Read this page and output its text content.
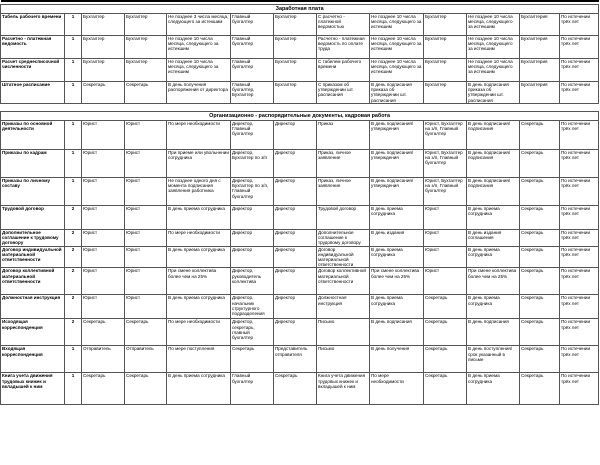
Заработная плата												
Табель рабочего времени	1	Бухгалтер	Бухгалтер	Не позднее 3 числа месяца, следующего за истекшим	Главный бухгалтер	Бухгалтер	С расчетно - платежной ведомостью	Не позднее 10 числа месяца, следующего за истекшим	Бухгалтер	Не позднее 10 числа месяца, следующего за истекшим	Бухгалтерия	По истечении трёх лет
Расчетно - платежная ведомость	1	Бухгалтер	Бухгалтер	Не позднее 10 числа месяца, следующего за истекшим	Главный бухгалтер	Бухгалтер	Расчетно - платежная ведомость по оплате труда	Не позднее 10 числа месяца, следующего за истекшим	Бухгалтер	Не позднее 10 числа месяца, следующего за истекшим	Бухгалтерия	По истечении трёх лет
Расчет среднесписочной численности	1	Бухгалтер	Бухгалтер	Не позднее 10 числа месяца, следующего за истекшим	Главный бухгалтер	Бухгалтер	С табелем рабочего времени	Не позднее 10 числа месяца, следующего за истекшим	Бухгалтер	Не позднее 10 числа месяца, следующего за истекшим	Бухгалтерия	По истечении трёх лет
Штатное расписание	1	Секретарь	Секретарь	В день получения распоряжения от директора	Главный бухгалтер, Бухгалтер	Бухгалтер	С приказом об утверждении шт. расписания	В день подписания приказа об утверждении шт. расписания	Бухгалтер	В день подписания приказа об утверждении шт. расписания	Бухгалтерия	По истечении трёх лет

Организационно - распорядительные документы, кадровая работа												
Приказы по основной деятельности	1	Юрист	Юрист	По мере необходимости	Директор, Главный бухгалтер	Директор	Приказ	В день подписания/утверждения	Юрист, Бухгалтер на з/п, Главный бухгалтер	В день подписания/подписания	Секретарь	По истечении трёх лет
Приказы по кадрам	1	Юрист	Юрист	При приеме или увольнении сотрудника	Директор, Бухгалтер по з/п	Директор	Приказ, личное заявление	В день подписания/утверждения	Юрист, Бухгалтер на з/п, Главный бухгалтер	В день подписания/подписания	Секретарь	По истечении трёх лет
Приказы по личному составу	1	Юрист	Юрист	Не позднее одного дня с момента подписания заявления работника	Директор, Бухгалтер по з/п, Главный бухгалтер	Директор	Приказ, личное заявление	В день подписания/утверждения	Юрист, Бухгалтер на з/п, Главный бухгалтер	В день подписания/подписания	Секретарь	По истечении трёх лет
Трудовой договор	2	Юрист	Юрист	В день приема сотрудника	Директор	Директор	Трудовой договор	В день приема сотрудника	Юрист	В день приема сотрудника	Секретарь	По истечении трёх лет
Дополнительное соглашение к трудовому договору	2	Юрист	Юрист	По мере необходимости	Директор	Директор	Дополнительное соглашение к трудовому договору	В день издания	Юрист	В день издания соглашения	Секретарь	По истечении трёх лет
Договор индивидуальной материальной ответственности	2	Юрист	Юрист	В день приема сотрудника	Директор	Директор	Договор индивидуальной материальной ответственности	В день приема сотрудника	Юрист	В день приема сотрудника	Секретарь	По истечении трёх лет
Договор коллективной материальной ответственности	2	Юрист	Юрист	При смене коллектива более чем на 25%	Директор, руководитель коллектива	Директор	Договор коллективной материальной ответственности	При смене коллектива более чем на 25%	Юрист	При смене коллектива более чем на 25%	Секретарь	По истечении трёх лет
Должностная инструкция	2	Юрист	Юрист	В день приема сотрудника	Директор, начальник структурного подразделения	Директор	Должностная инструкция	В день приема сотрудника	Секретарь	В день приема сотрудника	Секретарь	По истечении трёх лет
Исходящая корреспонденция	2	Секретарь	Секретарь	По мере необходимости	Директор, секретарь, главный бухгалтер	Директор	Письмо	В день подписания	Секретарь	В день подписания	Секретарь	По истечении трёх лет
Входящая корреспонденция	1	Отправитель	Отправитель	По мере поступления	Секретарь	Представитель отправителя	Письмо	В день получения	Секретарь	В день поступления/ срок указанный в письме	Секретарь	По истечении трёх лет
Книга учета движения трудовых книжек и вкладышей к ним	1	Секретарь	Секретарь	В день приема сотрудника	Главный бухгалтер	Секретарь	Книга учета движения трудовых книжек и вкладышей к ним	По мере необходимости	Секретарь	В день приема сотрудника	Секретарь	По истечении трёх лет
